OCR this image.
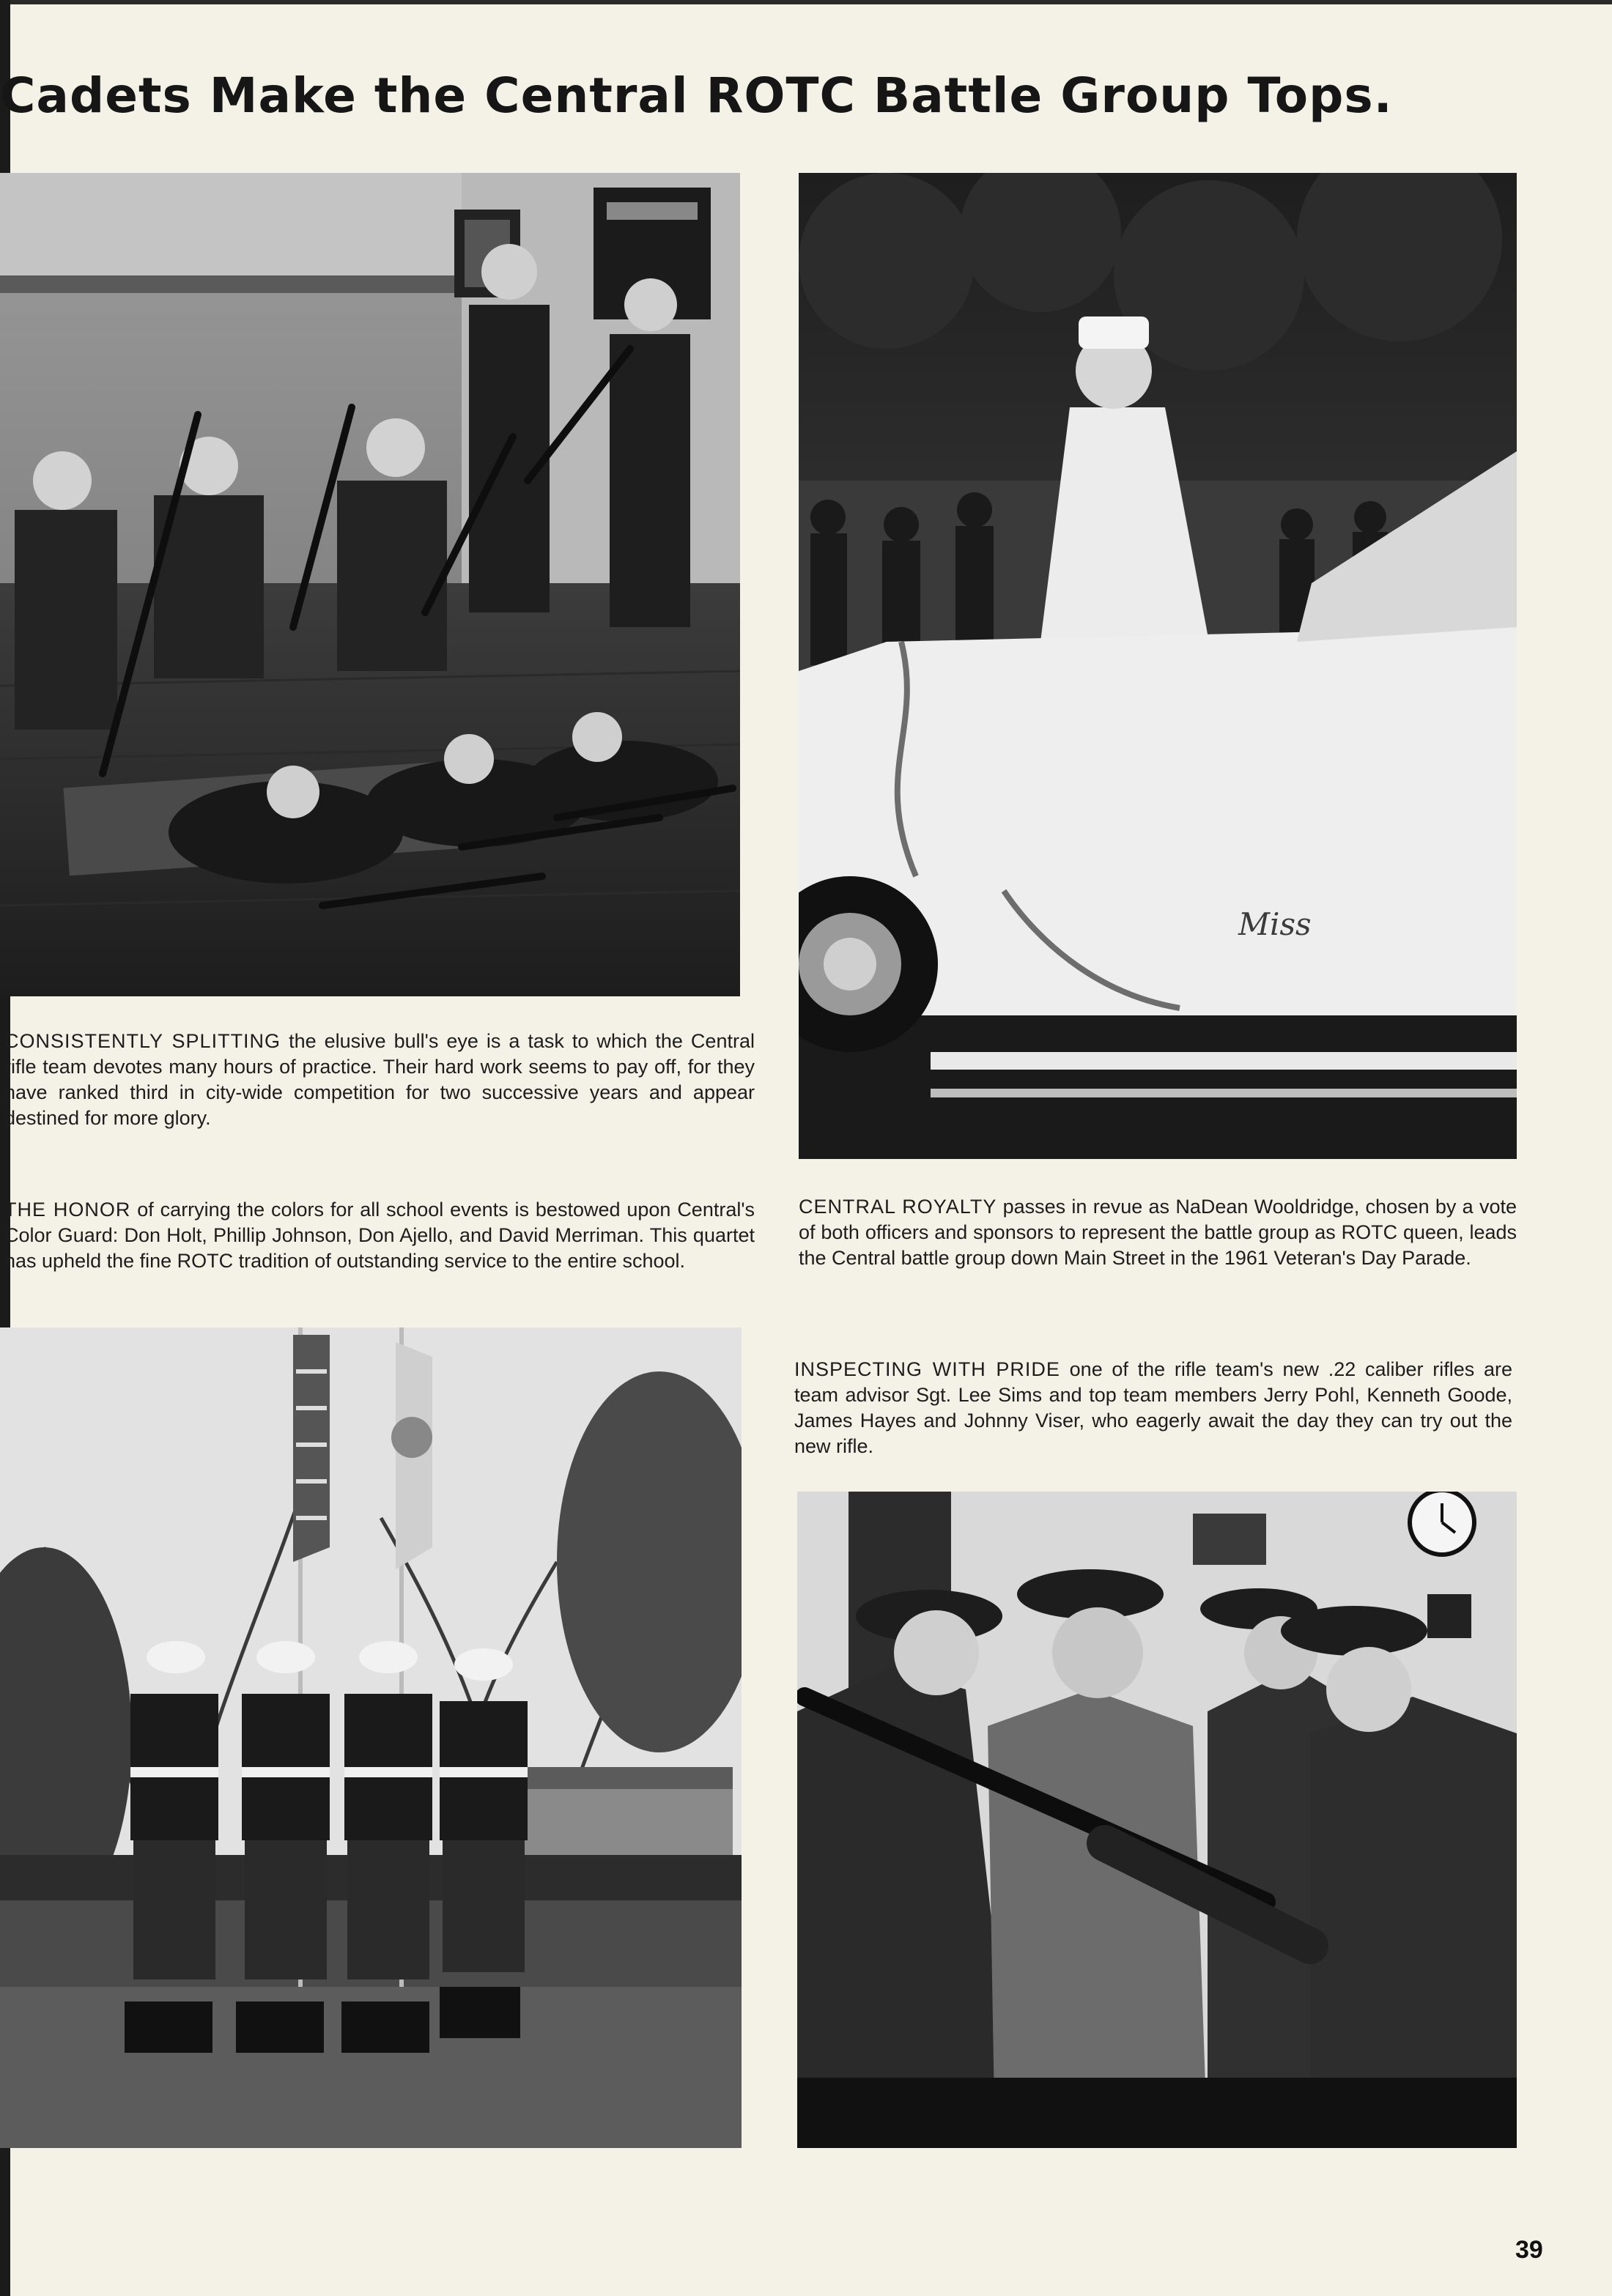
Cadets Make the Central ROTC Battle Group Tops.
Miss

CONSISTENTLY SPLITTING the elusive bull's eye is a task to which the Central rifle team devotes many hours of practice. Their hard work seems to pay off, for they have ranked third in city-wide competition for two successive years and appear destined for more glory.

THE HONOR of carrying the colors for all school events is bestowed upon Central's Color Guard: Don Holt, Phillip Johnson, Don Ajello, and David Merriman. This quartet has upheld the fine ROTC tradition of outstanding service to the entire school.

CENTRAL ROYALTY passes in revue as NaDean Wooldridge, chosen by a vote of both officers and sponsors to represent the battle group as ROTC queen, leads the Central battle group down Main Street in the 1961 Veteran's Day Parade.

INSPECTING WITH PRIDE one of the rifle team's new .22 caliber rifles are team advisor Sgt. Lee Sims and top team members Jerry Pohl, Kenneth Goode, James Hayes and Johnny Viser, who eagerly await the day they can try out the new rifle.

39
